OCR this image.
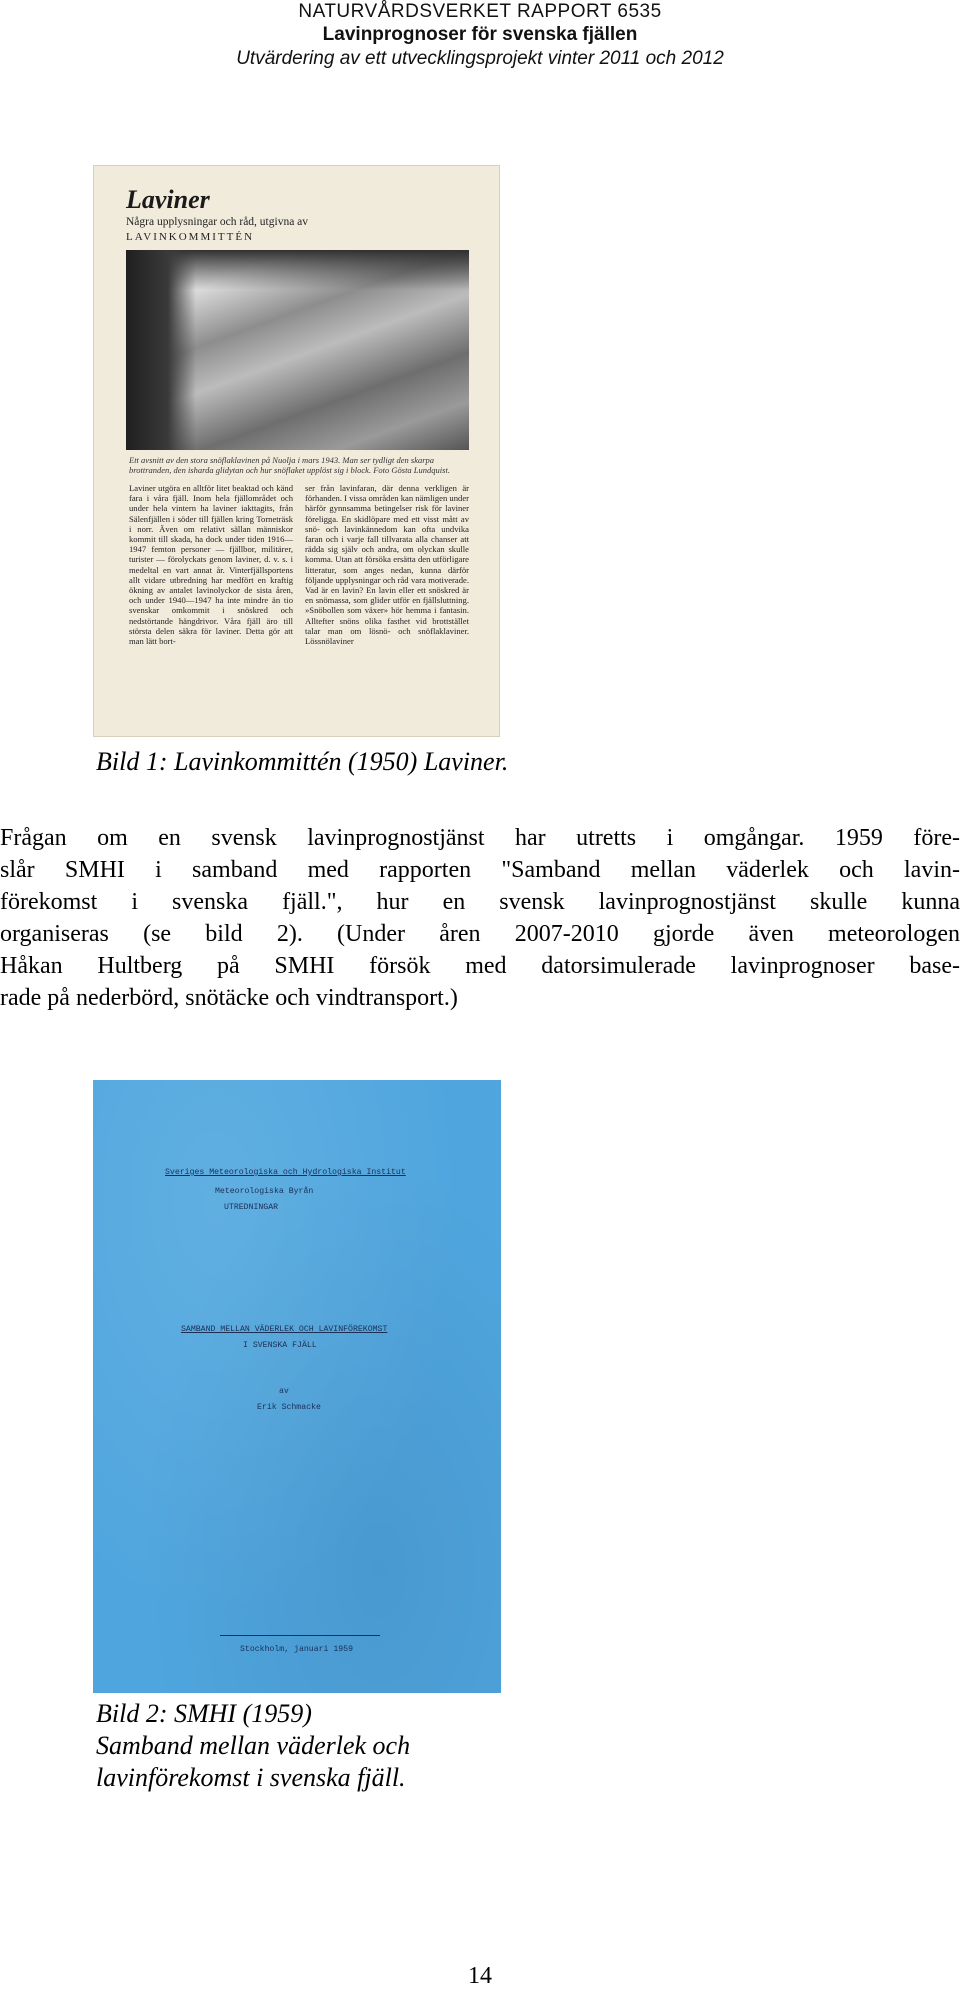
NATURVÅRDSVERKET RAPPORT 6535
Lavinprognoser för svenska fjällen
Utvärdering av ett utvecklingsprojekt vinter 2011 och 2012
Laviner
Några upplysningar och råd, utgivna av
LAVINKOMMITTÉN
Ett avsnitt av den stora snöflaklavinen på Nuolja i mars 1943. Man ser tydligt den skarpa brottranden, den isharda glidytan och hur snöflaket upplöst sig i block. Foto Gösta Lundquist.
Laviner utgöra en alltför litet beaktad och känd fara i våra fjäll. Inom hela fjällområdet och under hela vintern ha laviner iakttagits, från Sälenfjällen i söder till fjällen kring Torneträsk i norr. Även om relativt sällan människor kommit till skada, ha dock under tiden 1916—1947 femton personer — fjällbor, militärer, turister — förolyckats genom laviner, d. v. s. i medeltal en vart annat år. Vinterfjällsportens allt vidare utbredning har medfört en kraftig ökning av antalet lavinolyckor de sista åren, och under 1940—1947 ha inte mindre än tio svenskar omkommit i snöskred och nedstörtande hängdrivor. Våra fjäll äro till största delen säkra för laviner. Detta gör att man lätt bort-
ser från lavinfaran, där denna verkligen är förhanden. I vissa områden kan nämligen under härför gynnsamma betingelser risk för laviner föreligga. En skidlöpare med ett visst mått av snö- och lavinkännedom kan ofta undvika faran och i varje fall tillvarata alla chanser att rädda sig själv och andra, om olyckan skulle komma. Utan att försöka ersätta den utförligare litteratur, som anges nedan, kunna därför följande upplysningar och råd vara motiverade. Vad är en lavin? En lavin eller ett snöskred är en snömassa, som glider utför en fjällsluttning. »Snöbollen som växer» hör hemma i fantasin. Alltefter snöns olika fasthet vid brottstället talar man om lösnö- och snöflaklaviner. Lössnölaviner
Bild 1: Lavinkommittén (1950) Laviner.
Frågan om en svensk lavinprognostjänst har utretts i omgångar. 1959 före-
slår SMHI i samband med rapporten "Samband mellan väderlek och lavin-
förekomst i svenska fjäll.", hur en svensk lavinprognostjänst skulle kunna
organiseras (se bild 2). (Under åren 2007-2010 gjorde även meteorologen
Håkan Hultberg på SMHI försök med datorsimulerade lavinprognoser base-
rade på nederbörd, snötäcke och vindtransport.)
Sveriges Meteorologiska och Hydrologiska Institut
Meteorologiska Byrån
UTREDNINGAR
SAMBAND MELLAN VÄDERLEK OCH LAVINFÖREKOMST
I SVENSKA FJÄLL
av
Erik Schmacke
Stockholm, januari 1959
Bild 2: SMHI (1959)
Samband mellan väderlek och
lavinförekomst i svenska fjäll.
14
